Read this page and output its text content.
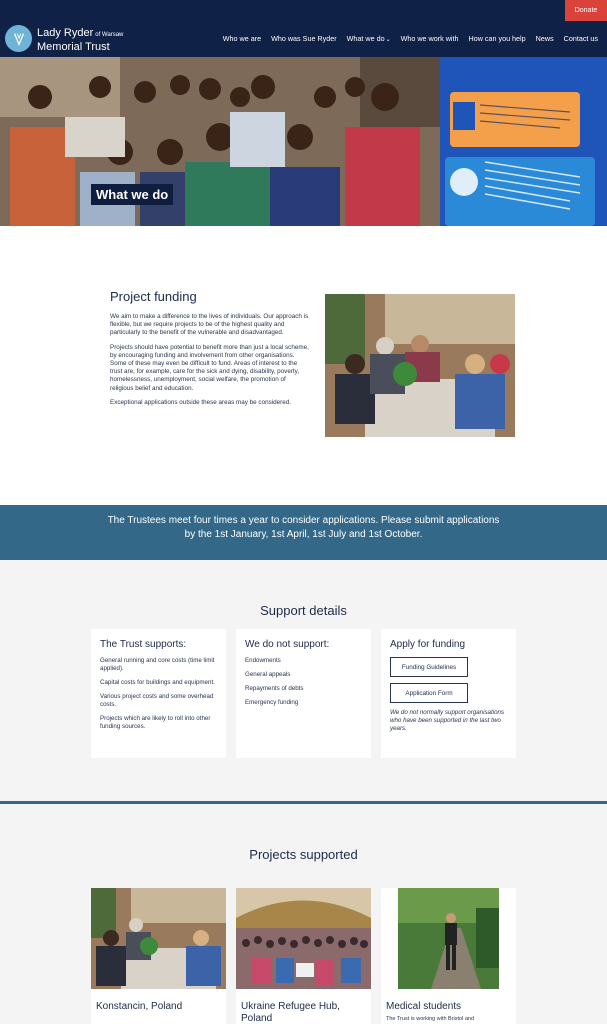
Lady Ryder of Warsaw
Memorial Trust
Who we are	Who was Sue Ryder	What we do⌄	Who we work with	How can you help	News	Contact us
Donate
What we do
Project funding

We aim to make a difference to the lives of individuals. Our approach is flexible, but we require projects to be of the highest quality and particularly to the benefit of the vulnerable and disadvantaged.

Projects should have potential to benefit more than just a local scheme, by encouraging funding and involvement from other organisations. Some of these may even be difficult to fund. Areas of interest to the trust are, for example, care for the sick and dying, disability, poverty, homelessness, unemployment, social welfare, the promotion of religious belief and education.

Exceptional applications outside these areas may be considered.

The Trustees meet four times a year to consider applications. Please submit applications
by the 1st January, 1st April, 1st July and 1st October.
Support details
The Trust supports:
General running and core costs (time limit applied).
Capital costs for buildings and equipment.
Various project costs and some overhead costs.
Projects which are likely to roll into other funding sources.
We do not support:
Endowments
General appeals
Repayments of debts
Emergency funding
Apply for funding
Funding Guidelines
Application Form
We do not normally support organisations who have been supported in the last two years.
Projects supported
Konstancin, Poland	Ukraine Refugee Hub, Poland
Medical students
The Trust is working with Bristol and
